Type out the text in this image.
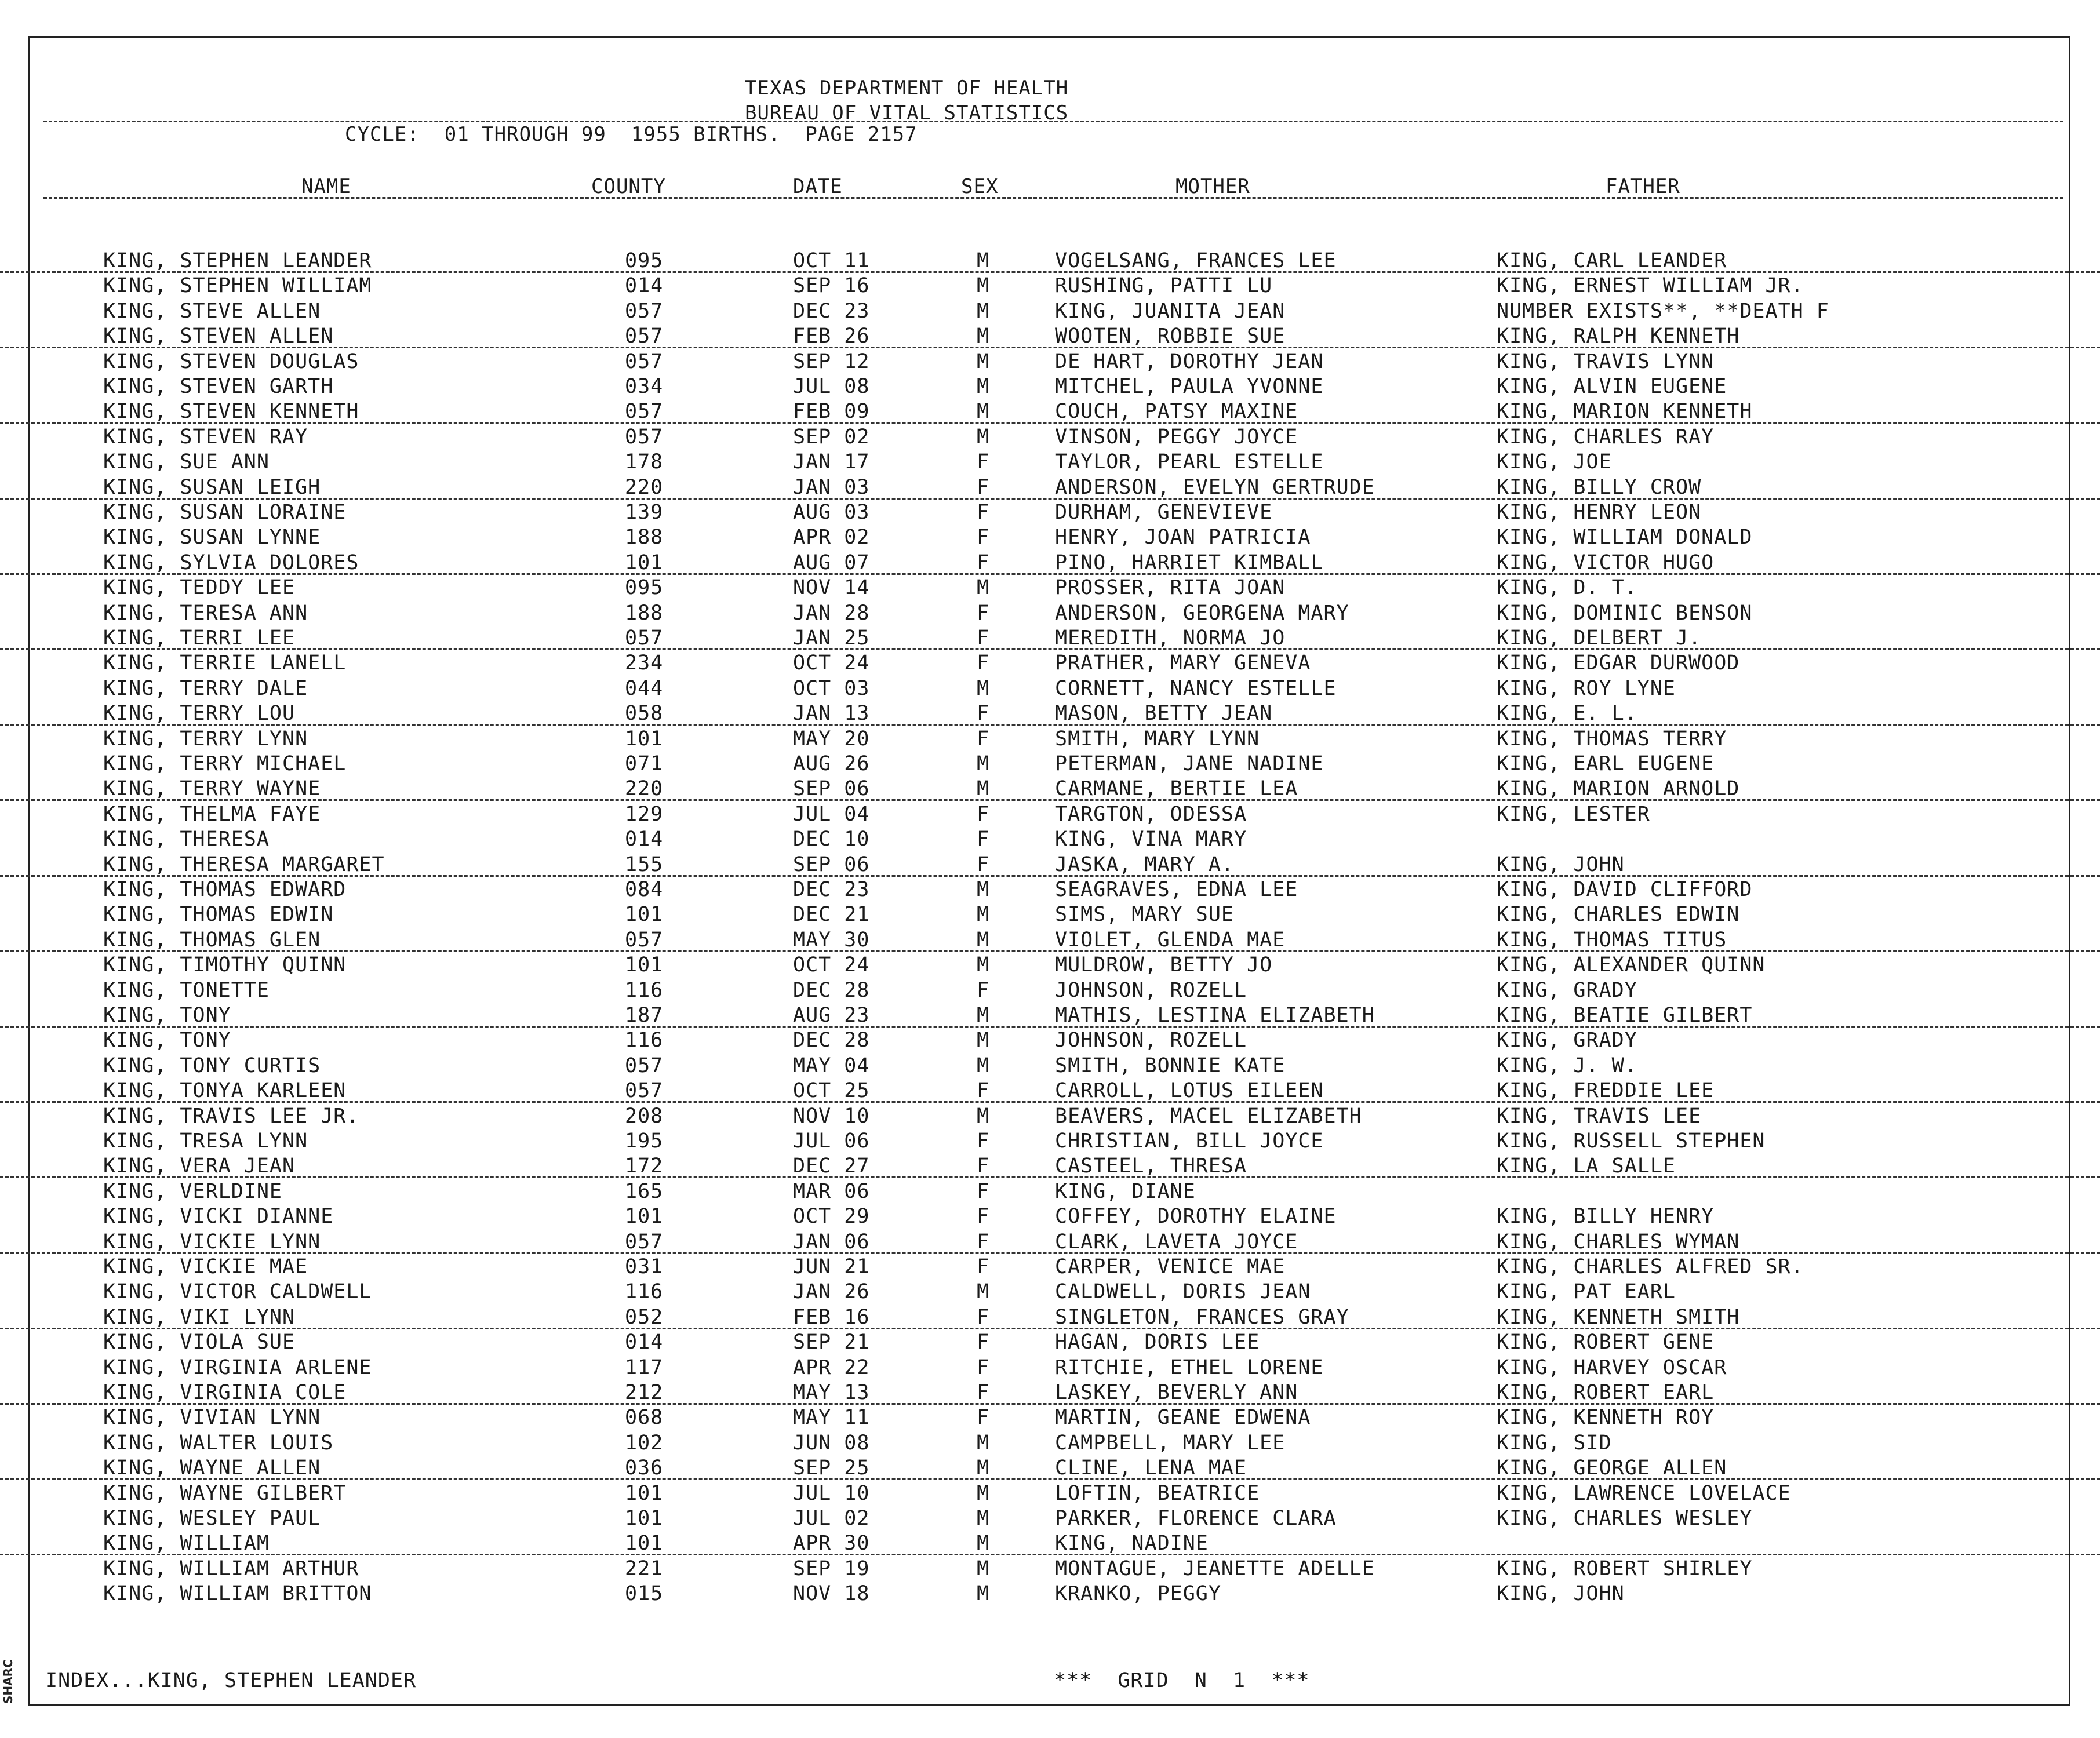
SHARC
TEXAS DEPARTMENT OF HEALTH
BUREAU OF VITAL STATISTICS
CYCLE:  01 THROUGH 99  1955 BIRTHS.  PAGE 2157
NAME	COUNTY	DATE	SEX	MOTHER	FATHER
KING, STEPHEN LEANDER	095	OCT 11	M	VOGELSANG, FRANCES LEE	KING, CARL LEANDER
KING, STEPHEN WILLIAM	014	SEP 16	M	RUSHING, PATTI LU	KING, ERNEST WILLIAM JR.
KING, STEVE ALLEN	057	DEC 23	M	KING, JUANITA JEAN	NUMBER EXISTS**, **DEATH F
KING, STEVEN ALLEN	057	FEB 26	M	WOOTEN, ROBBIE SUE	KING, RALPH KENNETH
KING, STEVEN DOUGLAS	057	SEP 12	M	DE HART, DOROTHY JEAN	KING, TRAVIS LYNN
KING, STEVEN GARTH	034	JUL 08	M	MITCHEL, PAULA YVONNE	KING, ALVIN EUGENE
KING, STEVEN KENNETH	057	FEB 09	M	COUCH, PATSY MAXINE	KING, MARION KENNETH
KING, STEVEN RAY	057	SEP 02	M	VINSON, PEGGY JOYCE	KING, CHARLES RAY
KING, SUE ANN	178	JAN 17	F	TAYLOR, PEARL ESTELLE	KING, JOE
KING, SUSAN LEIGH	220	JAN 03	F	ANDERSON, EVELYN GERTRUDE	KING, BILLY CROW
KING, SUSAN LORAINE	139	AUG 03	F	DURHAM, GENEVIEVE	KING, HENRY LEON
KING, SUSAN LYNNE	188	APR 02	F	HENRY, JOAN PATRICIA	KING, WILLIAM DONALD
KING, SYLVIA DOLORES	101	AUG 07	F	PINO, HARRIET KIMBALL	KING, VICTOR HUGO
KING, TEDDY LEE	095	NOV 14	M	PROSSER, RITA JOAN	KING, D. T.
KING, TERESA ANN	188	JAN 28	F	ANDERSON, GEORGENA MARY	KING, DOMINIC BENSON
KING, TERRI LEE	057	JAN 25	F	MEREDITH, NORMA JO	KING, DELBERT J.
KING, TERRIE LANELL	234	OCT 24	F	PRATHER, MARY GENEVA	KING, EDGAR DURWOOD
KING, TERRY DALE	044	OCT 03	M	CORNETT, NANCY ESTELLE	KING, ROY LYNE
KING, TERRY LOU	058	JAN 13	F	MASON, BETTY JEAN	KING, E. L.
KING, TERRY LYNN	101	MAY 20	F	SMITH, MARY LYNN	KING, THOMAS TERRY
KING, TERRY MICHAEL	071	AUG 26	M	PETERMAN, JANE NADINE	KING, EARL EUGENE
KING, TERRY WAYNE	220	SEP 06	M	CARMANE, BERTIE LEA	KING, MARION ARNOLD
KING, THELMA FAYE	129	JUL 04	F	TARGTON, ODESSA	KING, LESTER
KING, THERESA	014	DEC 10	F	KING, VINA MARY
KING, THERESA MARGARET	155	SEP 06	F	JASKA, MARY A.	KING, JOHN
KING, THOMAS EDWARD	084	DEC 23	M	SEAGRAVES, EDNA LEE	KING, DAVID CLIFFORD
KING, THOMAS EDWIN	101	DEC 21	M	SIMS, MARY SUE	KING, CHARLES EDWIN
KING, THOMAS GLEN	057	MAY 30	M	VIOLET, GLENDA MAE	KING, THOMAS TITUS
KING, TIMOTHY QUINN	101	OCT 24	M	MULDROW, BETTY JO	KING, ALEXANDER QUINN
KING, TONETTE	116	DEC 28	F	JOHNSON, ROZELL	KING, GRADY
KING, TONY	187	AUG 23	M	MATHIS, LESTINA ELIZABETH	KING, BEATIE GILBERT
KING, TONY	116	DEC 28	M	JOHNSON, ROZELL	KING, GRADY
KING, TONY CURTIS	057	MAY 04	M	SMITH, BONNIE KATE	KING, J. W.
KING, TONYA KARLEEN	057	OCT 25	F	CARROLL, LOTUS EILEEN	KING, FREDDIE LEE
KING, TRAVIS LEE JR.	208	NOV 10	M	BEAVERS, MACEL ELIZABETH	KING, TRAVIS LEE
KING, TRESA LYNN	195	JUL 06	F	CHRISTIAN, BILL JOYCE	KING, RUSSELL STEPHEN
KING, VERA JEAN	172	DEC 27	F	CASTEEL, THRESA	KING, LA SALLE
KING, VERLDINE	165	MAR 06	F	KING, DIANE
KING, VICKI DIANNE	101	OCT 29	F	COFFEY, DOROTHY ELAINE	KING, BILLY HENRY
KING, VICKIE LYNN	057	JAN 06	F	CLARK, LAVETA JOYCE	KING, CHARLES WYMAN
KING, VICKIE MAE	031	JUN 21	F	CARPER, VENICE MAE	KING, CHARLES ALFRED SR.
KING, VICTOR CALDWELL	116	JAN 26	M	CALDWELL, DORIS JEAN	KING, PAT EARL
KING, VIKI LYNN	052	FEB 16	F	SINGLETON, FRANCES GRAY	KING, KENNETH SMITH
KING, VIOLA SUE	014	SEP 21	F	HAGAN, DORIS LEE	KING, ROBERT GENE
KING, VIRGINIA ARLENE	117	APR 22	F	RITCHIE, ETHEL LORENE	KING, HARVEY OSCAR
KING, VIRGINIA COLE	212	MAY 13	F	LASKEY, BEVERLY ANN	KING, ROBERT EARL
KING, VIVIAN LYNN	068	MAY 11	F	MARTIN, GEANE EDWENA	KING, KENNETH ROY
KING, WALTER LOUIS	102	JUN 08	M	CAMPBELL, MARY LEE	KING, SID
KING, WAYNE ALLEN	036	SEP 25	M	CLINE, LENA MAE	KING, GEORGE ALLEN
KING, WAYNE GILBERT	101	JUL 10	M	LOFTIN, BEATRICE	KING, LAWRENCE LOVELACE
KING, WESLEY PAUL	101	JUL 02	M	PARKER, FLORENCE CLARA	KING, CHARLES WESLEY
KING, WILLIAM	101	APR 30	M	KING, NADINE
KING, WILLIAM ARTHUR	221	SEP 19	M	MONTAGUE, JEANETTE ADELLE	KING, ROBERT SHIRLEY
KING, WILLIAM BRITTON	015	NOV 18	M	KRANKO, PEGGY	KING, JOHN
INDEX...KING, STEPHEN LEANDER	***  GRID  N  1  ***
